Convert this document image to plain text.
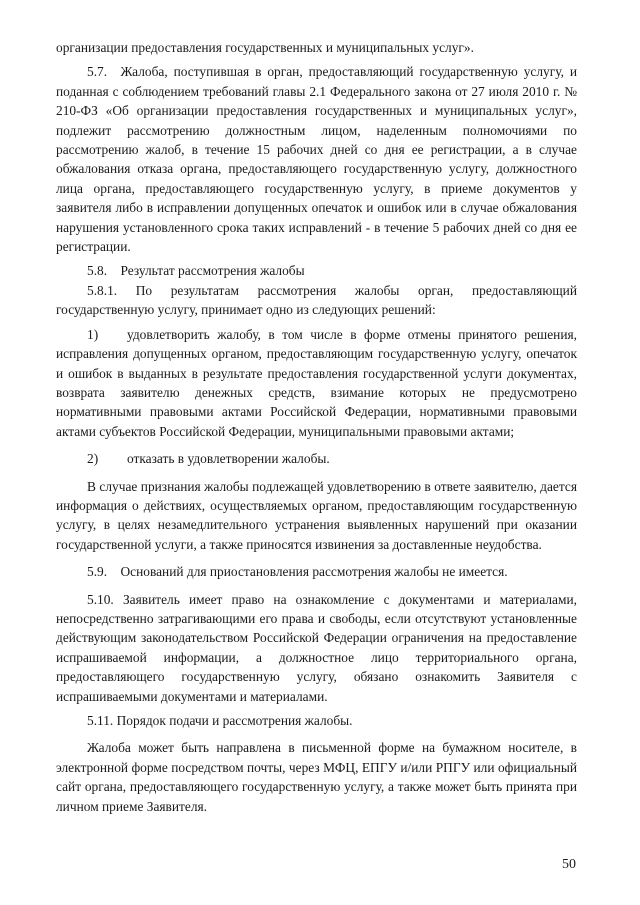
организации предоставления государственных и муниципальных услуг».

5.7. Жалоба, поступившая в орган, предоставляющий государственную услугу, и поданная с соблюдением требований главы 2.1 Федерального закона от 27 июля 2010 г. № 210-ФЗ «Об организации предоставления государственных и муниципальных услуг», подлежит рассмотрению должностным лицом, наделенным полномочиями по рассмотрению жалоб, в течение 15 рабочих дней со дня ее регистрации, а в случае обжалования отказа органа, предоставляющего государственную услугу, должностного лица органа, предоставляющего государственную услугу, в приеме документов у заявителя либо в исправлении допущенных опечаток и ошибок или в случае обжалования нарушения установленного срока таких исправлений - в течение 5 рабочих дней со дня ее регистрации.

5.8. Результат рассмотрения жалобы

5.8.1. По результатам рассмотрения жалобы орган, предоставляющий государственную услугу, принимает одно из следующих решений:

1) удовлетворить жалобу, в том числе в форме отмены принятого решения, исправления допущенных органом, предоставляющим государственную услугу, опечаток и ошибок в выданных в результате предоставления государственной услуги документах, возврата заявителю денежных средств, взимание которых не предусмотрено нормативными правовыми актами Российской Федерации, нормативными правовыми актами субъектов Российской Федерации, муниципальными правовыми актами;

2) отказать в удовлетворении жалобы.

В случае признания жалобы подлежащей удовлетворению в ответе заявителю, дается информация о действиях, осуществляемых органом, предоставляющим государственную услугу, в целях незамедлительного устранения выявленных нарушений при оказании государственной услуги, а также приносятся извинения за доставленные неудобства.

5.9. Оснований для приостановления рассмотрения жалобы не имеется.

5.10. Заявитель имеет право на ознакомление с документами и материалами, непосредственно затрагивающими его права и свободы, если отсутствуют установленные действующим законодательством Российской Федерации ограничения на предоставление испрашиваемой информации, а должностное лицо территориального органа, предоставляющего государственную услугу, обязано ознакомить Заявителя с испрашиваемыми документами и материалами.

5.11. Порядок подачи и рассмотрения жалобы.

Жалоба может быть направлена в письменной форме на бумажном носителе, в электронной форме посредством почты, через МФЦ, ЕПГУ и/или РПГУ или официальный сайт органа, предоставляющего государственную услугу, а также может быть принята при личном приеме Заявителя.

50
